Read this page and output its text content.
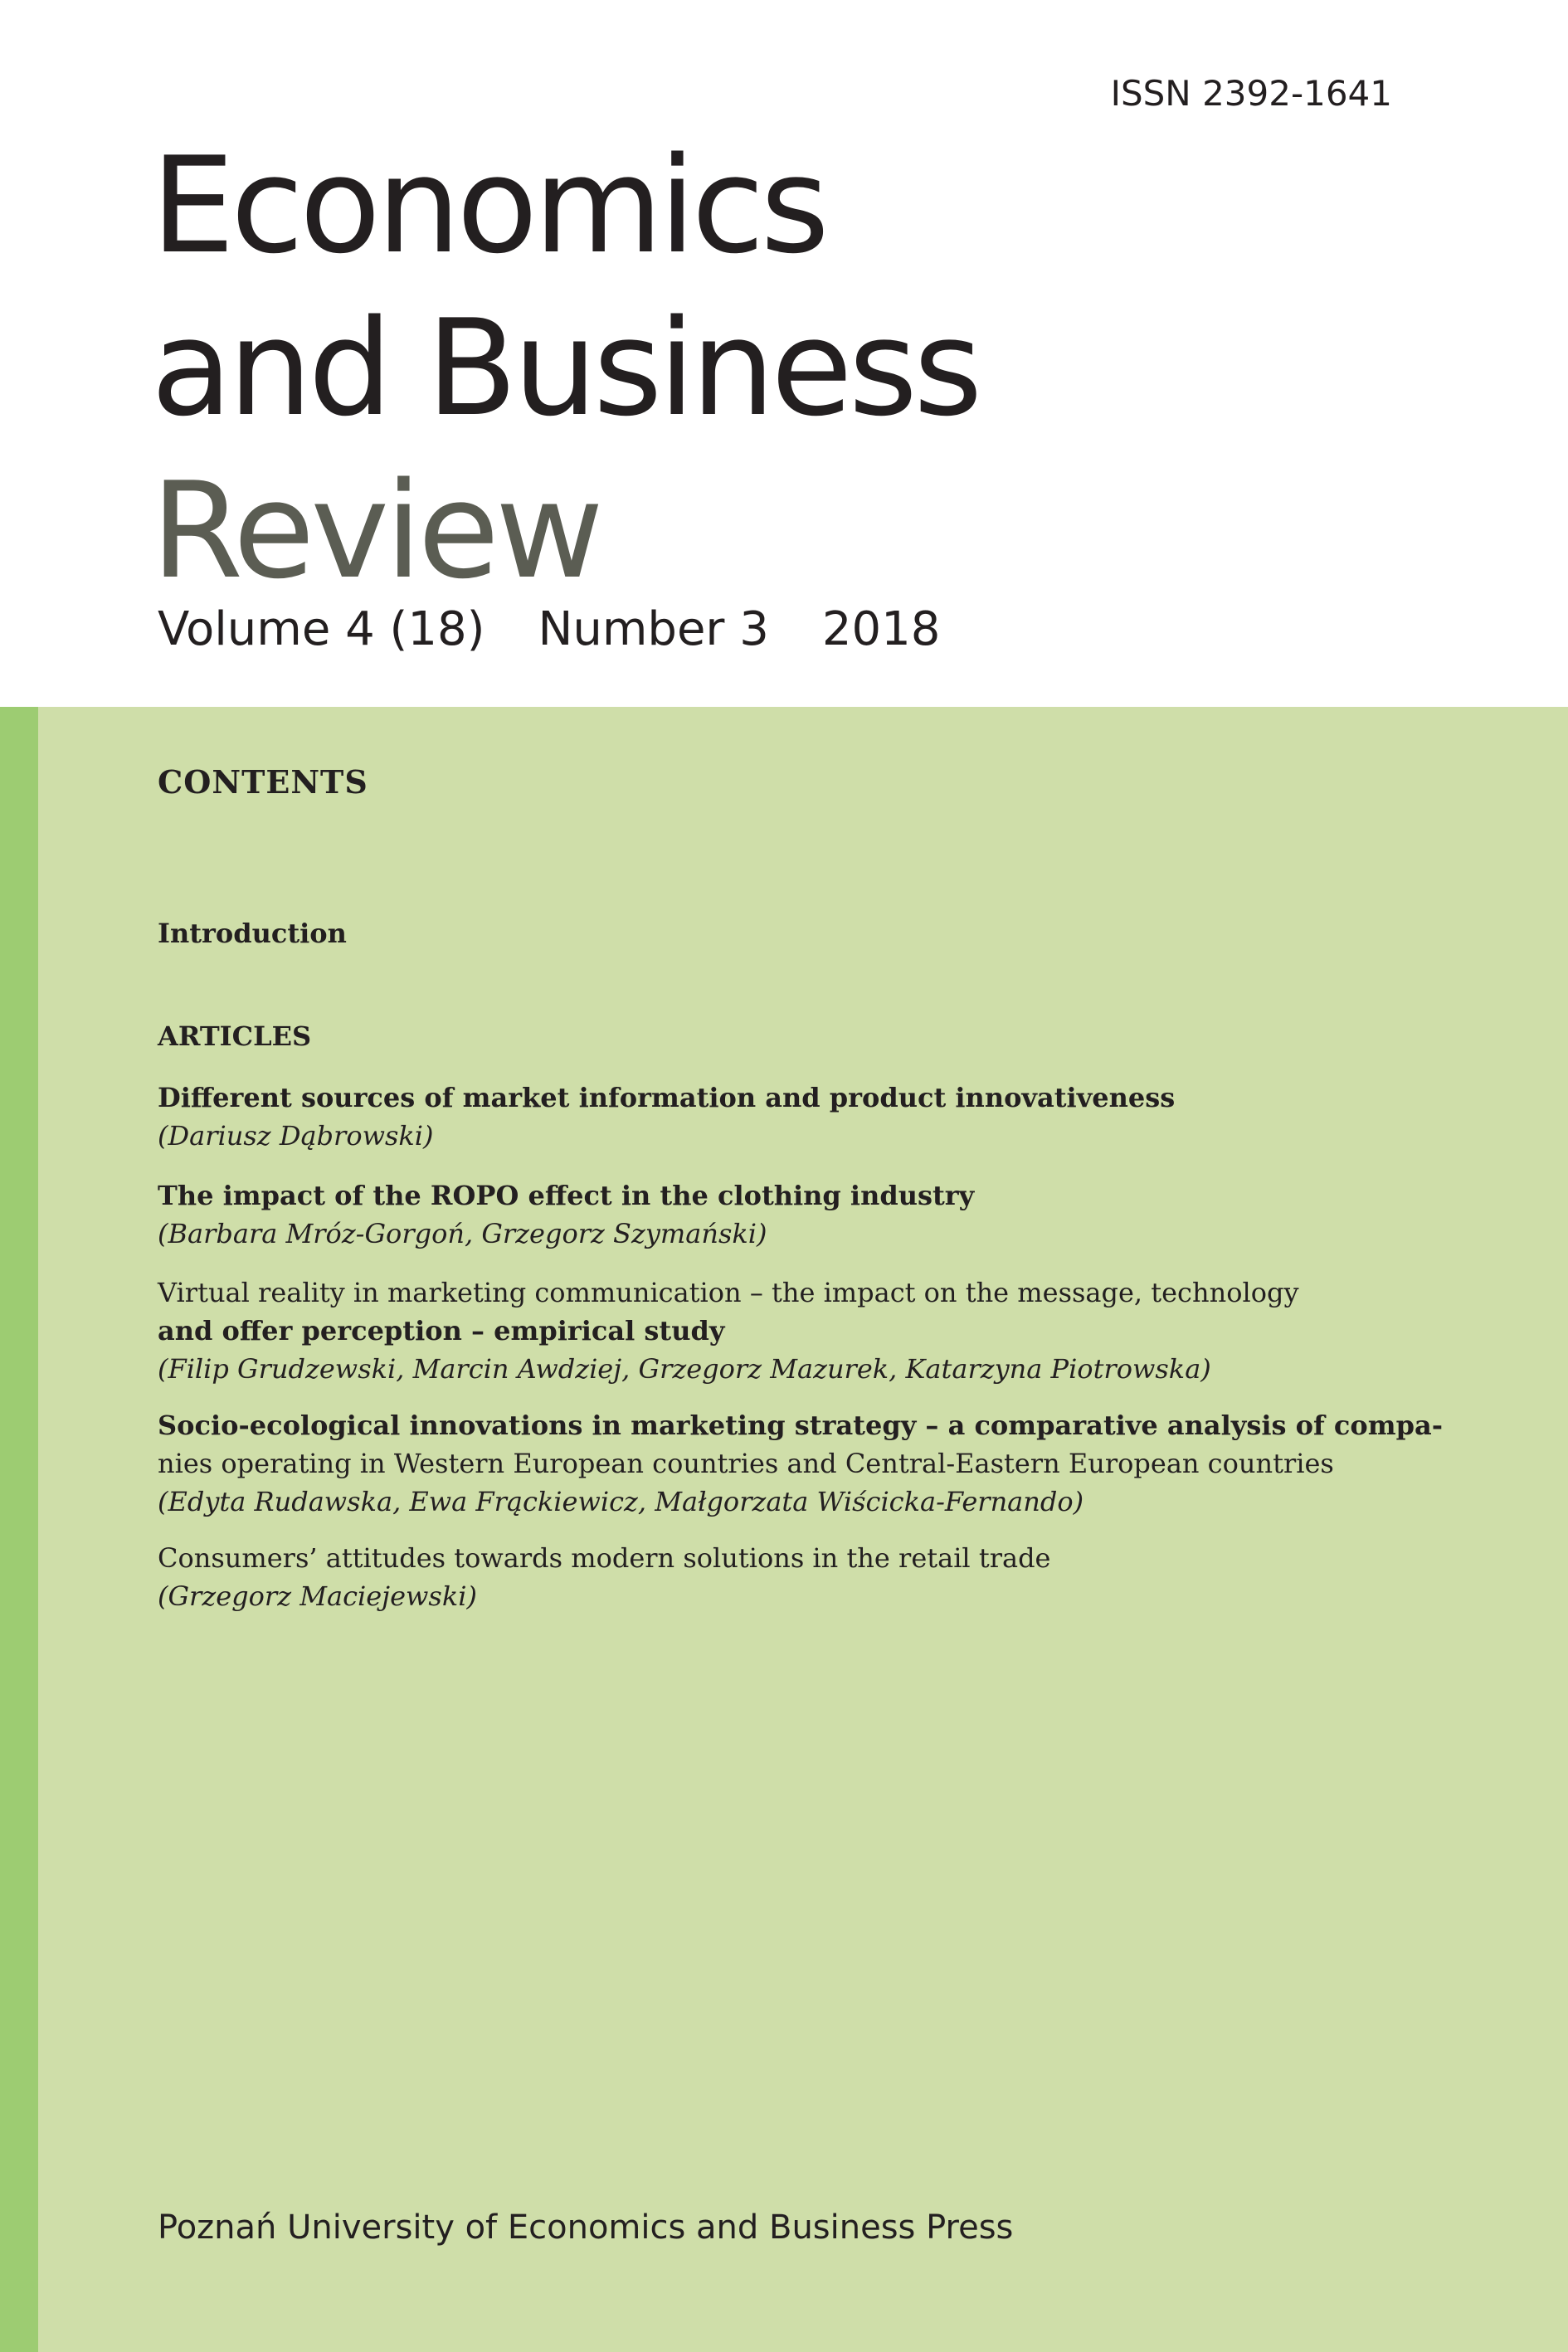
ISSN 2392-1641
Economics
and Business
Review
Volume 4 (18) Number 3 2018
CONTENTS
Introduction
ARTICLES
Different sources of market information and product innovativeness
(Dariusz Dąbrowski)
The impact of the ROPO effect in the clothing industry
(Barbara Mróz-Gorgoń, Grzegorz Szymański)
Virtual reality in marketing communication – the impact on the message, technology
and offer perception – empirical study
(Filip Grudzewski, Marcin Awdziej, Grzegorz Mazurek, Katarzyna Piotrowska)
Socio-ecological innovations in marketing strategy – a comparative analysis of compa-
nies operating in Western European countries and Central-Eastern European countries
(Edyta Rudawska, Ewa Frąckiewicz, Małgorzata Wiścicka-Fernando)
Consumers’ attitudes towards modern solutions in the retail trade
(Grzegorz Maciejewski)
Poznań University of Economics and Business Press
